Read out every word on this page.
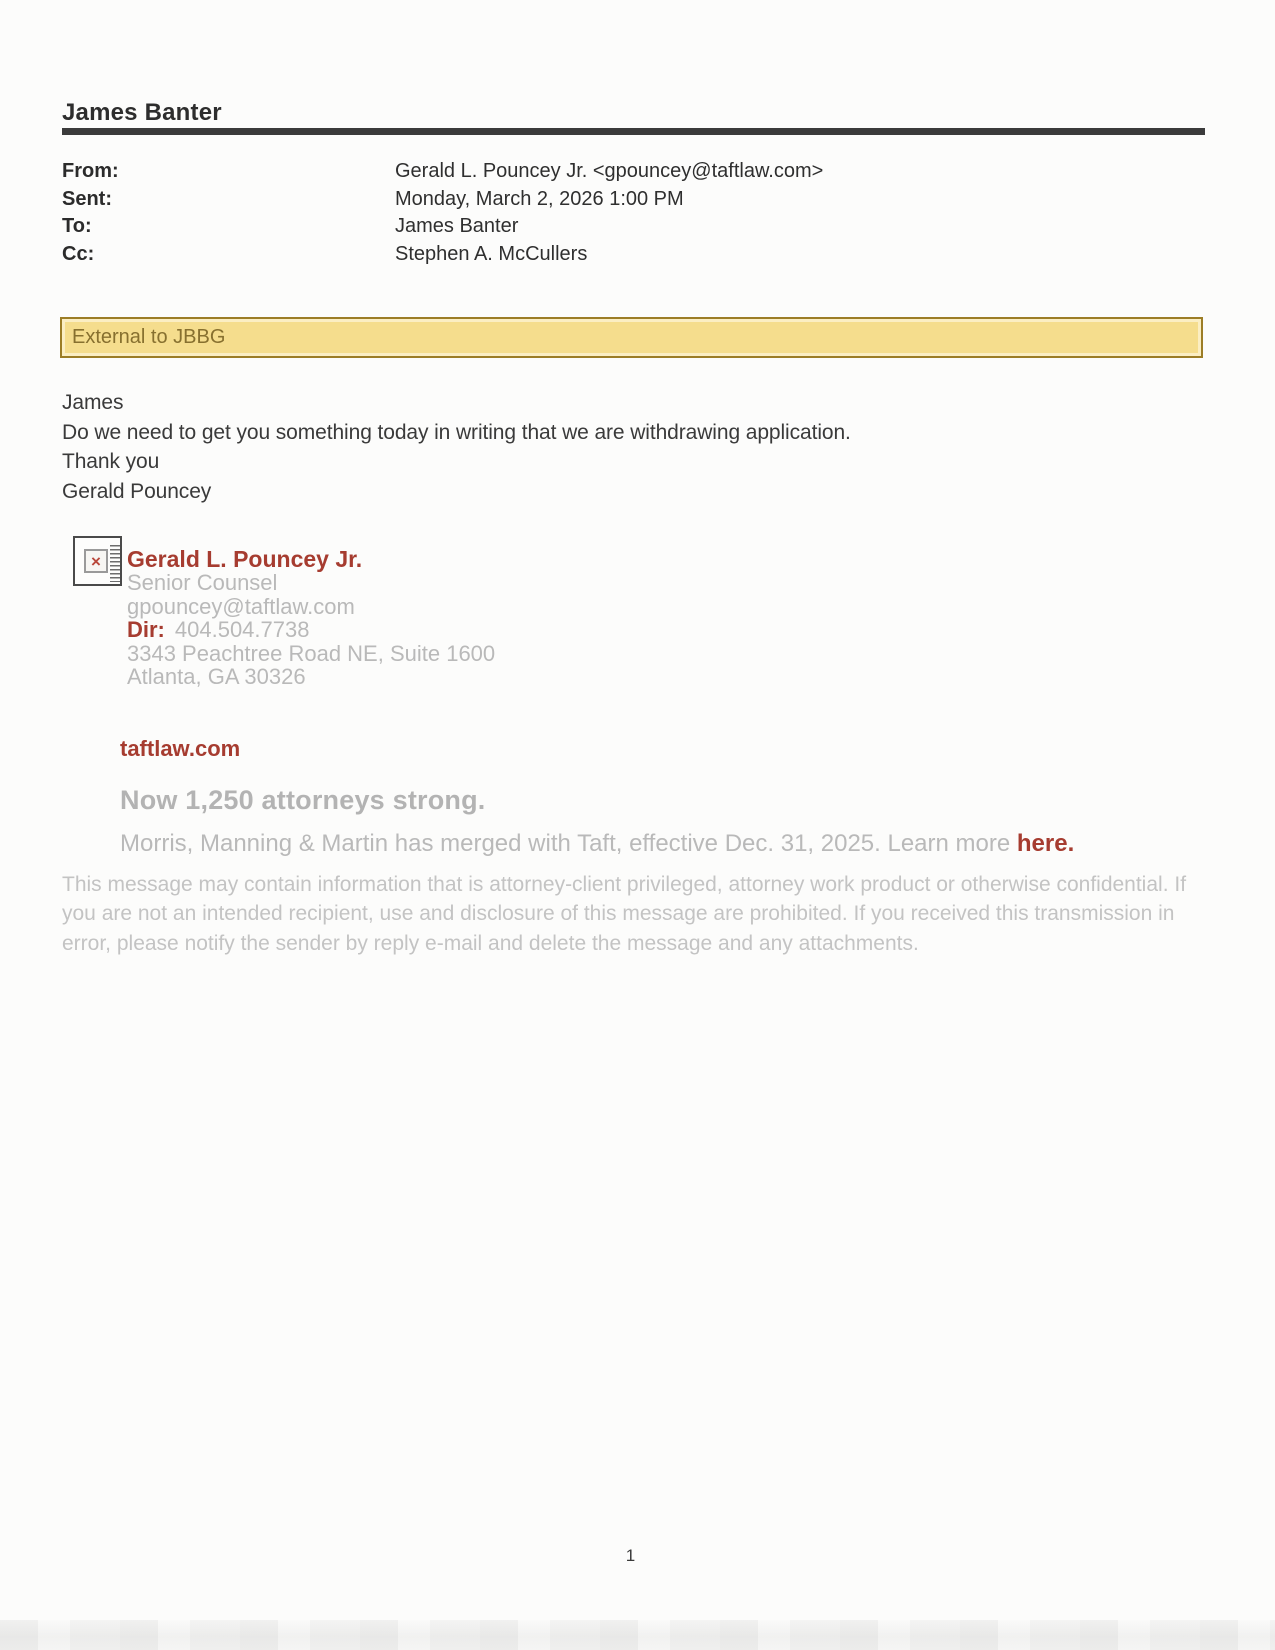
James Banter
From:	Gerald L. Pouncey Jr. <gpouncey@taftlaw.com>
Sent:	Monday, March 2, 2026 1:00 PM
To:	James Banter
Cc:	Stephen A. McCullers
External to JBBG
James
Do we need to get you something today in writing that we are withdrawing application.
Thank you
Gerald Pouncey
×	Gerald L. Pouncey Jr.
Senior Counsel
gpouncey@taftlaw.com
Dir: 404.504.7738
3343 Peachtree Road NE, Suite 1600
Atlanta, GA 30326
taftlaw.com
Now 1,250 attorneys strong.
Morris, Manning & Martin has merged with Taft, effective Dec. 31, 2025. Learn more here.
This message may contain information that is attorney-client privileged, attorney work product or otherwise confidential. If you are not an intended recipient, use and disclosure of this message are prohibited. If you received this transmission in error, please notify the sender by reply e-mail and delete the message and any attachments.
1
